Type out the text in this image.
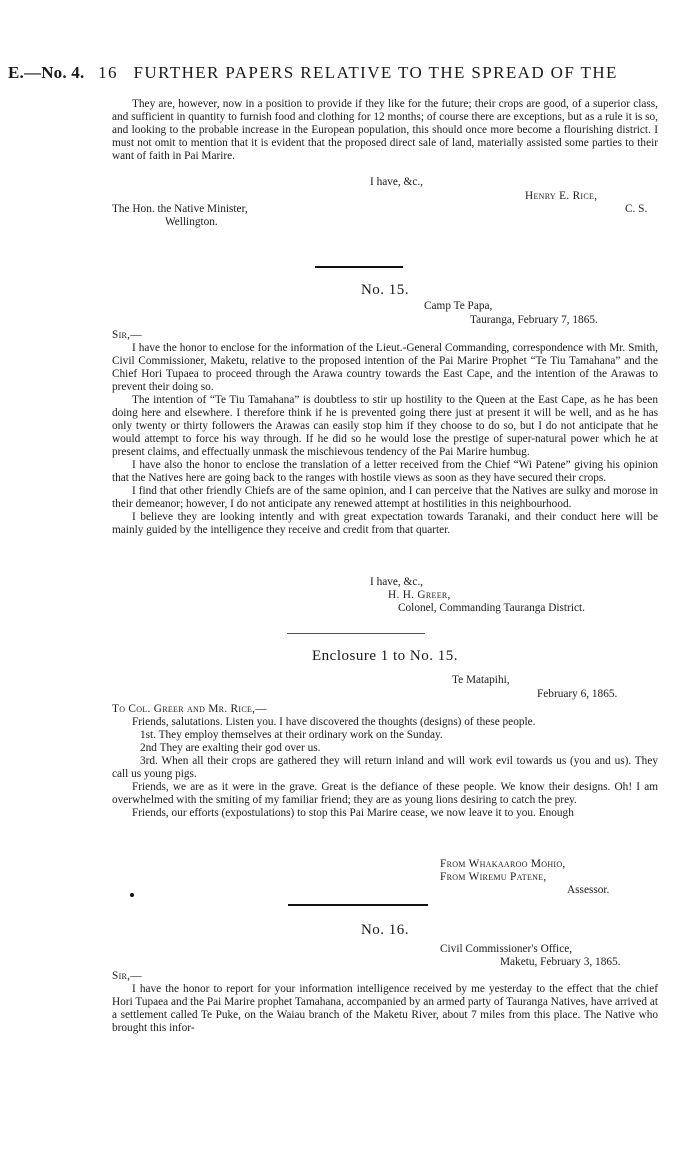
E.—No. 4. 16 FURTHER PAPERS RELATIVE TO THE SPREAD OF THE

They are, however, now in a position to provide if they like for the future; their crops are good, of a superior class, and sufficient in quantity to furnish food and clothing for 12 months; of course there are exceptions, but as a rule it is so, and looking to the probable increase in the European population, this should once more become a flourishing district. I must not omit to mention that it is evident that the proposed direct sale of land, materially assisted some parties to their want of faith in Pai Marire.

I have, &c.,
Henry E. Rice,
The Hon. the Native Minister,	C. S.
Wellington.
No. 15.
Camp Te Papa,
Tauranga, February 7, 1865.
Sir,—

I have the honor to enclose for the information of the Lieut.-General Commanding, correspondence with Mr. Smith, Civil Commissioner, Maketu, relative to the proposed intention of the Pai Marire Prophet “Te Tiu Tamahana” and the Chief Hori Tupaea to proceed through the Arawa country towards the East Cape, and the intention of the Arawas to prevent their doing so.

The intention of “Te Tiu Tamahana” is doubtless to stir up hostility to the Queen at the East Cape, as he has been doing here and elsewhere. I therefore think if he is prevented going there just at present it will be well, and as he has only twenty or thirty followers the Arawas can easily stop him if they choose to do so, but I do not anticipate that he would attempt to force his way through. If he did so he would lose the prestige of super-natural power which he at present claims, and effectually unmask the mischievous tendency of the Pai Marire humbug.

I have also the honor to enclose the translation of a letter received from the Chief “Wi Patene” giving his opinion that the Natives here are going back to the ranges with hostile views as soon as they have secured their crops.

I find that other friendly Chiefs are of the same opinion, and I can perceive that the Natives are sulky and morose in their demeanor; however, I do not anticipate any renewed attempt at hostilities in this neighbourhood.

I believe they are looking intently and with great expectation towards Taranaki, and their conduct here will be mainly guided by the intelligence they receive and credit from that quarter.

I have, &c.,
H. H. Greer,
Colonel, Commanding Tauranga District.
Enclosure 1 to No. 15.
Te Matapihi,
February 6, 1865.
To Col. Greer and Mr. Rice,—

Friends, salutations. Listen you. I have discovered the thoughts (designs) of these people.

1st. They employ themselves at their ordinary work on the Sunday.

2nd They are exalting their god over us.

3rd. When all their crops are gathered they will return inland and will work evil towards us (you and us). They call us young pigs.

Friends, we are as it were in the grave. Great is the defiance of these people. We know their designs. Oh! I am overwhelmed with the smiting of my familiar friend; they are as young lions desiring to catch the prey.

Friends, our efforts (expostulations) to stop this Pai Marire cease, we now leave it to you. Enough

From Whakaaroo Mohio,
From Wiremu Patene,
Assessor.
No. 16.
Civil Commissioner's Office,
Maketu, February 3, 1865.
Sir,—

I have the honor to report for your information intelligence received by me yesterday to the effect that the chief Hori Tupaea and the Pai Marire prophet Tamahana, accompanied by an armed party of Tauranga Natives, have arrived at a settlement called Te Puke, on the Waiau branch of the Maketu River, about 7 miles from this place. The Native who brought this infor-
